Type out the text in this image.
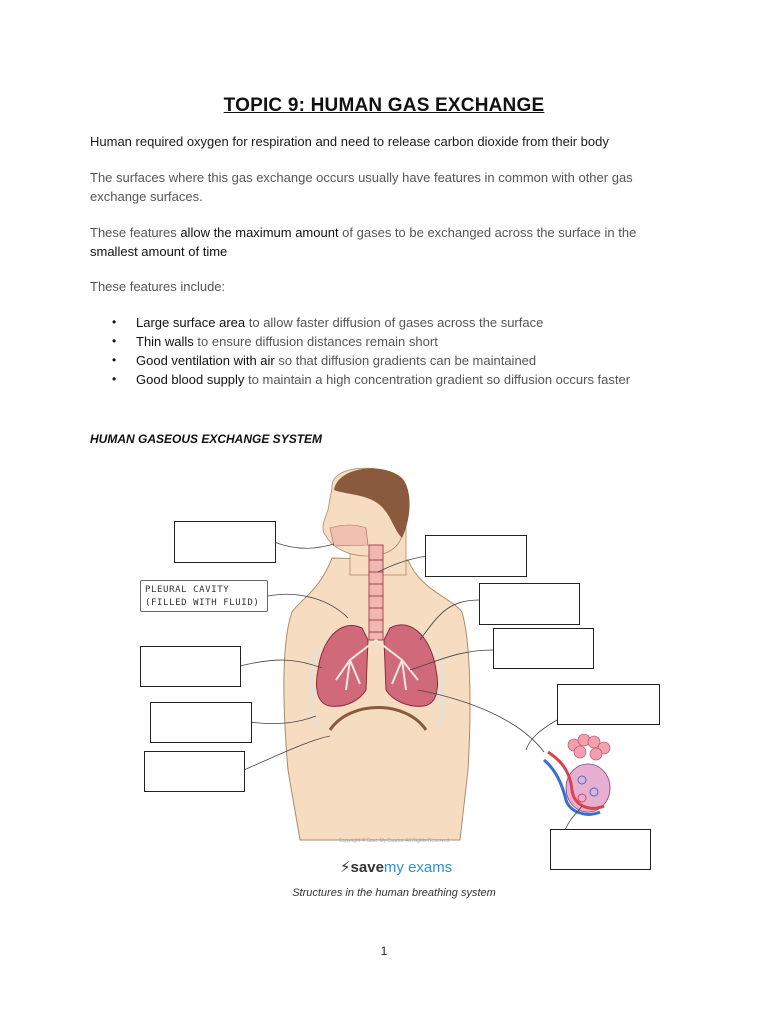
TOPIC 9: HUMAN GAS EXCHANGE
Human required oxygen for respiration and need to release carbon dioxide from their body
The surfaces where this gas exchange occurs usually have features in common with other gas exchange surfaces.
These features allow the maximum amount of gases to be exchanged across the surface in the smallest amount of time
These features include:
• Large surface area to allow faster diffusion of gases across the surface
• Thin walls to ensure diffusion distances remain short
• Good ventilation with air so that diffusion gradients can be maintained
• Good blood supply to maintain a high concentration gradient so diffusion occurs faster
HUMAN GASEOUS EXCHANGE SYSTEM
PLEURAL CAVITY
(FILLED WITH FLUID)
Copyright © Save My Exams. All Rights Reserved
⚡savemy exams
Structures in the human breathing system
1
